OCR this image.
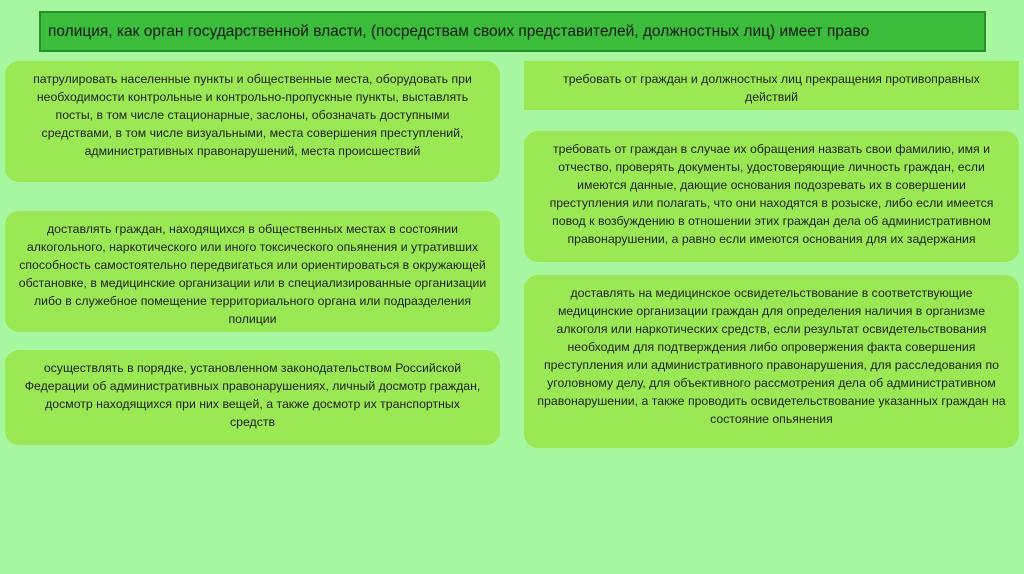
полиция, как орган государственной власти, (посредствам своих представителей, должностных лиц) имеет право
патрулировать населенные пункты и общественные места, оборудовать при необходимости контрольные и контрольно-пропускные пункты, выставлять посты, в том числе стационарные, заслоны, обозначать доступными средствами, в том числе визуальными, места совершения преступлений, административных правонарушений, места происшествий
доставлять граждан, находящихся в общественных местах в состоянии алкогольного, наркотического или иного токсического опьянения и утративших способность самостоятельно передвигаться или ориентироваться в окружающей обстановке, в медицинские организации или в специализированные организации либо в служебное помещение территориального органа или подразделения полиции
осуществлять в порядке, установленном законодательством Российской Федерации об административных правонарушениях, личный досмотр граждан, досмотр находящихся при них вещей, а также досмотр их транспортных средств
требовать от граждан и должностных лиц прекращения противоправных действий
требовать от граждан в случае их обращения назвать свои фамилию, имя и отчество, проверять документы, удостоверяющие личность граждан, если имеются данные, дающие основания подозревать их в совершении преступления или полагать, что они находятся в розыске, либо если имеется повод к возбуждению в отношении этих граждан дела об административном правонарушении, а равно если имеются основания для их задержания
доставлять на медицинское освидетельствование в соответствующие медицинские организации граждан для определения наличия в организме алкоголя или наркотических средств, если результат освидетельствования необходим для подтверждения либо опровержения факта совершения преступления или административного правонарушения, для расследования по уголовному делу, для объективного рассмотрения дела об административном правонарушении, а также проводить освидетельствование указанных граждан на состояние опьянения
